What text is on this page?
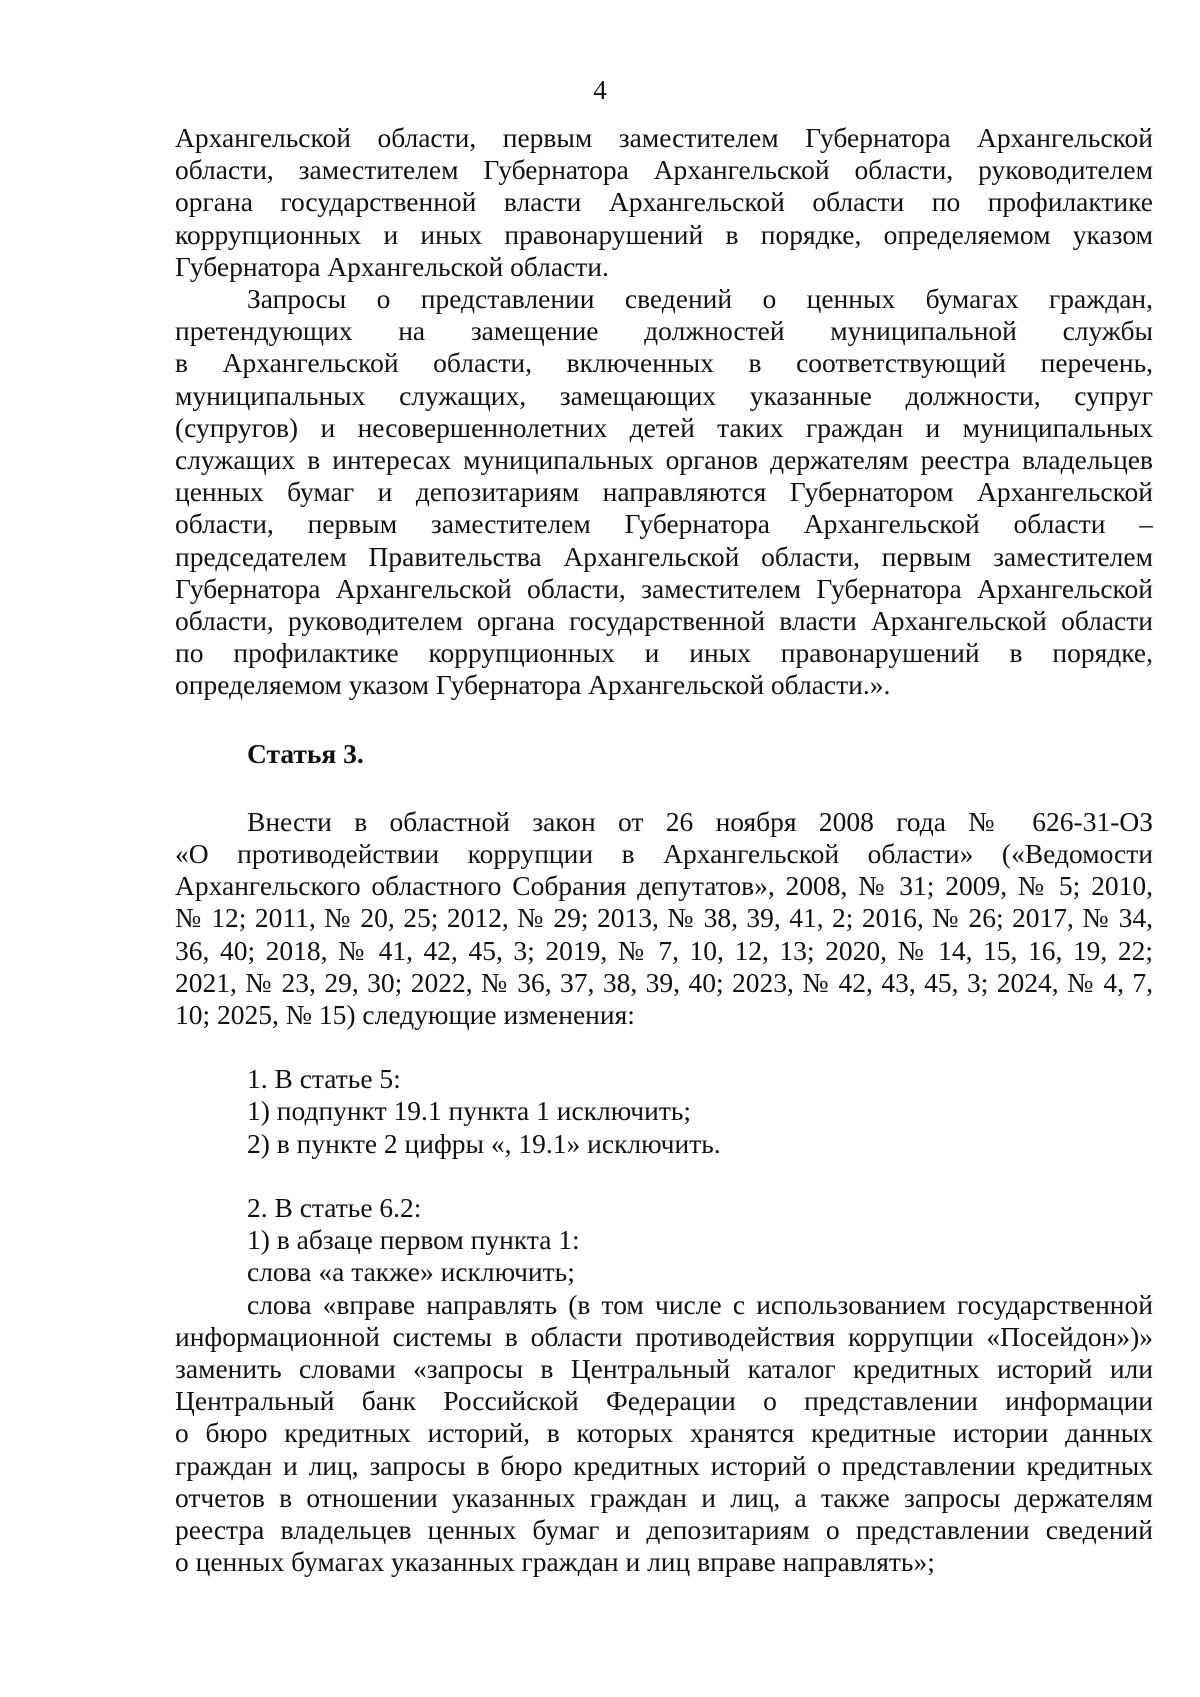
4

Архангельской области, первым заместителем Губернатора Архангельской
области, заместителем Губернатора Архангельской области, руководителем
органа государственной власти Архангельской области по профилактике
коррупционных и иных правонарушений в порядке, определяемом указом
Губернатора Архангельской области.

Запросы о представлении сведений о ценных бумагах граждан,
претендующих на замещение должностей муниципальной службы
в Архангельской области, включенных в соответствующий перечень,
муниципальных служащих, замещающих указанные должности, супруг
(супругов) и несовершеннолетних детей таких граждан и муниципальных
служащих в интересах муниципальных органов держателям реестра владельцев
ценных бумаг и депозитариям направляются Губернатором Архангельской
области, первым заместителем Губернатора Архангельской области –
председателем Правительства Архангельской области, первым заместителем
Губернатора Архангельской области, заместителем Губернатора Архангельской
области, руководителем органа государственной власти Архангельской области
по профилактике коррупционных и иных правонарушений в порядке,
определяемом указом Губернатора Архангельской области.».

Статья 3.

Внести в областной закон от 26 ноября 2008 года № 626-31-ОЗ
«О противодействии коррупции в Архангельской области» («Ведомости
Архангельского областного Собрания депутатов», 2008, № 31; 2009, № 5; 2010,
№ 12; 2011, № 20, 25; 2012, № 29; 2013, № 38, 39, 41, 2; 2016, № 26; 2017, № 34,
36, 40; 2018, № 41, 42, 45, 3; 2019, № 7, 10, 12, 13; 2020, № 14, 15, 16, 19, 22;
2021, № 23, 29, 30; 2022, № 36, 37, 38, 39, 40; 2023, № 42, 43, 45, 3; 2024, № 4, 7,
10; 2025, № 15) следующие изменения:

1. В статье 5:

1) подпункт 19.1 пункта 1 исключить;

2) в пункте 2 цифры «, 19.1» исключить.

2. В статье 6.2:

1) в абзаце первом пункта 1:

слова «а также» исключить;

слова «вправе направлять (в том числе с использованием государственной
информационной системы в области противодействия коррупции «Посейдон»)»
заменить словами «запросы в Центральный каталог кредитных историй или
Центральный банк Российской Федерации о представлении информации
о бюро кредитных историй, в которых хранятся кредитные истории данных
граждан и лиц, запросы в бюро кредитных историй о представлении кредитных
отчетов в отношении указанных граждан и лиц, а также запросы держателям
реестра владельцев ценных бумаг и депозитариям о представлении сведений
о ценных бумагах указанных граждан и лиц вправе направлять»;
